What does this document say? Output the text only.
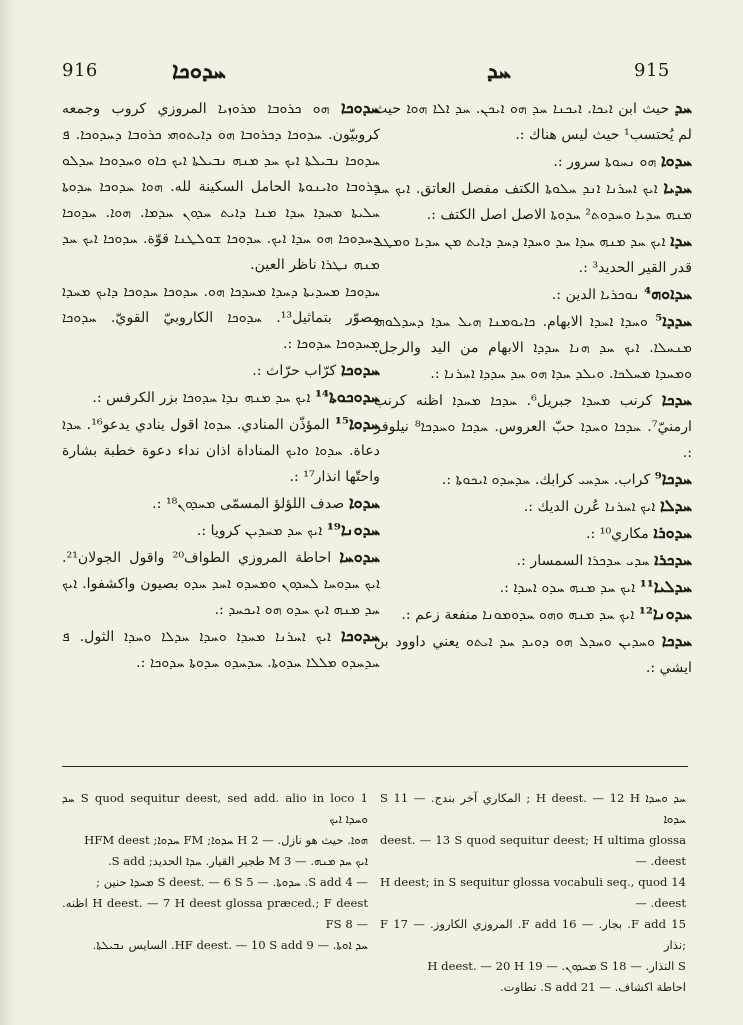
916	ܚܕܘܟܐ	ܚܕ	915

ܚܕܘܟܐ ܗܘ ܟܪܘܒܐ ܡܪܘܙܝܐ المروزي كروب وجمعه كروبيّون. ܚܕܘܟܐ ܕܟܪܘܒܐ ܗܘ ܕܐܝܬܘܗܝ ܟܪܘܒܐ ܕܚܕܘܟܐ. ܦ ܚܕܘܟܐ ܢܒܝܠܬܐ ܐܝܟ ܚܕ ܡܢܗ ܢܒܝܠܬܐ ܐܝܟ ܟܐܘ ܘܚܕܘܟܐ ܚܕܠܘ ܟܪܘܒܐ ܘܐܝܢܘܬܐ الحامل السكينة لله. ܗܘܐ ܚܕܘܟܐ ܚܕܘܬܐ ܚܠܝܬܐ ܡܚܕܐ ܚܕܐ ܡܢܐ ܕܐܝܬ ܚܕܘܢ ܚܕܡܐ. ܗܘܐ. ܚܕܘܟܐ ܕܚܕܘܟܐ ܗܘ ܚܕܐ ܐܝܟ. ܚܕܘܟܐ ܫܘܠܛܢܐ قوّة. ܚܕܘܟܐ ܐܝܟ ܚܕ ܡܢܗ ܢܛܪܐ ناظر العين.

ܚܕܘܟܐ ܡܚܕܝܬܐ ܕܚܕܐ ܡܚܕܟܐ ܗܘ. ܚܕܘܟܐ ܚܕܘܟܐ ܕܐܝܟ ܡܚܕܐ مصوّر بتماثيل¹³. ܚܕܘܟܐ الكاروبيّ القويّ. ܚܕܘܟܐ ܡܚܕܘܟܐ ܚܕܘܟܐ :.

ܚܕܘܟܐ كرّاب حرّاث :.

ܚܕܘܟܘܬܐ¹⁴ ܐܝܟ ܚܕ ܡܢܗ ܢܕܐ ܚܕܘܟܐ بزر الكرفس :.

ܚܕܘܐ¹⁵ المؤذّن المنادي. ܚܕܘܐ اقول ينادي يدعو¹⁶. ܚܕܐ دعاة. ܚܕܘܐ ܘܐܝܟ المناداة اذان نداء دعوة خطبة بشارة واحتّها انذار¹⁷ :.

ܚܕܘܐ صدف اللؤلؤ المسمّى ܡܚܕܘܢ¹⁸ :.

ܚܕܘܢܐ¹⁹ ܐܝܟ ܚܕ ܡܚܕܝܢ كرويا :.

ܚܕܘܚܐ احاطة المروزي الطواف²⁰ واقول الجولان²¹. ܐܝܟ ܚܕܘܚܐ ܠܚܕܘܢ ܘܡܚܕܘ ܐܚܕ ܚܕܘ بصيون واكشفوا. ܐܝܟ ܚܕ ܡܢܗ ܐܝܟ ܚܕܘ ܗܘ ܐܝܟܚܕ :.

ܚܕܘܟܐ ܐܝܟ ܐܚܪܢܐ ܡܚܕܐ ܘܚܕܐ ܚܕܠܐ ܘܚܕܐ الثول. ܦ ܚܕܚܕܘ ܡܠܠܐ ܚܕܘܬܐ. ܚܕܚܕܘ ܚܕܘܬܐ ܚܕܘܟܐ :.

ܚܕ حيث ابن ܐܝܟܐ. ܐܝܟܢܐ ܚܕ ܗܘ ܐܝܟܢ. ܚܕ ܐܠܐ ܗܘܐ حيث لم يُحتسب¹ حيث ليس هناك :.

ܚܕܘܐ ܗܘ ܢܚܘܬܐ سرور :.

ܚܕܝܐ ܐܝܟ ܐܚܪܢܐ ܐܢܕ ܚܠܘܬܐ الكتف مفصل العاتق. ܐܝܟ ܚܕ ܡܢܗ ܚܕܝܐ ܘܚܕܘܬ² ܚܕܘܬܐ الاصل اصل الكتف :.

ܚܕܐ ܐܝܟ ܚܕ ܡܢܗ ܚܕܐ ܚܕ ܘܚܕܐ ܕܚܕ ܕܐܝܬ ܡܢ ܚܕܝܐ ܘܡܛܠ قدر القير الحديد³ :.

ܚܕܐܘܗ⁴ ܢܘܟܪܝܐ الدين :.

ܚܕܕܐ⁵ ܘܚܕܐ ܐܚܕܐ الابهام. ܟܐܝܘܡܢܐ ܗܝܠ ܚܕܐ ܕܚܕܠܘܗܝ ܡܢܚܠܐ. ܐܝܟ ܚܕ ܗܢܐ ܚܕܕܐ الابهام من اليد والرجل. ܘܡܚܕܐ ܡܚܠܟܐ. ܘܝܠܕ ܚܕܐ ܗܘ ܚܕ ܚܕܕܐ ܐܚܪܢܐ :.

ܚܕܟܐ كرنب ܡܚܕܐ جبريل⁶. ܚܕܟܐ ܡܚܕܐ اظنه كرنب ارمنيّ⁷. ܚܕܟܐ ܘܚܕܐ حبّ العروس. ܚܕܟܐ ܘܚܕܟܐ⁸ نيلوفر :.

ܚܕܟܐ⁹ كراب. ܚܕܚܝ كرابك. ܚܕܚܕܘ ܐܝܟܘܬܐ :.

ܚܕܠܐ ܐܝܟ ܐܚܪܢܐ عُرن الديك :.

ܚܕܘܪܐ مكاري¹⁰ :.

ܚܕܟܪܐ ܚܕܝ ܚܕܟܪܐ السمسار :.

ܚܕܠܝܐ¹¹ ܐܝܟ ܚܕ ܡܢܗ ܚܕܘ ܐܚܕܐ :.

ܚܕܘܢܐ¹² ܐܝܟ ܚܕ ܡܢܗ ܘܗܘ ܚܕܘܡܘܢܐ منفعة زعم :.

ܚܕܟܐ ܘܚܕܝܢ ܘܚܕܠ ܗܘ ܕܘܝܕ ܚܕ ܐܝܬܘ يعني داوود بن ايشي :.

1 S quod sequitur deest, sed add. alio in loco ܚܕ ܘܚܕܐ ܐܝܟ

ܗܘܐ. حيث هو نازل. — 2 H ܚܕܘܐ; FM ܚܕܘܐ; HFM deest

ܐܝܟ ܚܕ ܡܢܗ. — 3 M طجير القيار. ܚܕܐ الحديد; S add.

— 4 S add. ܚܕܘܬܐ. — 5 S deest. — 6 S ܡܚܕܐ حنين ;

H deest. — 7 H deest glossa præced.; F deest اظنه. — 8 FS

ܚܕ ܐܘܬܐ. — 9 HF deest. — 10 S add. السايس ܢܒܝܠܬܐ.

ܚܕ ܘܚܕܐ H deest. — 12 H ; المكاري آخر بندج. — 11 S ܚܕܘܐ

deest. — 13 S quod sequitur deest; H ultima glossa deest. —

14 H deest; in S sequitur glossa vocabuli seq., quod deest. —

15 F add. بجار. — 16 F add. المروزي الكاروز. — 17 F ;نذار

S النذار. — 18 S ܡܚܕܘܢ. — 19 H deest. — 20 H

احاطة اكشاف. — 21 S add. تطاوت.
